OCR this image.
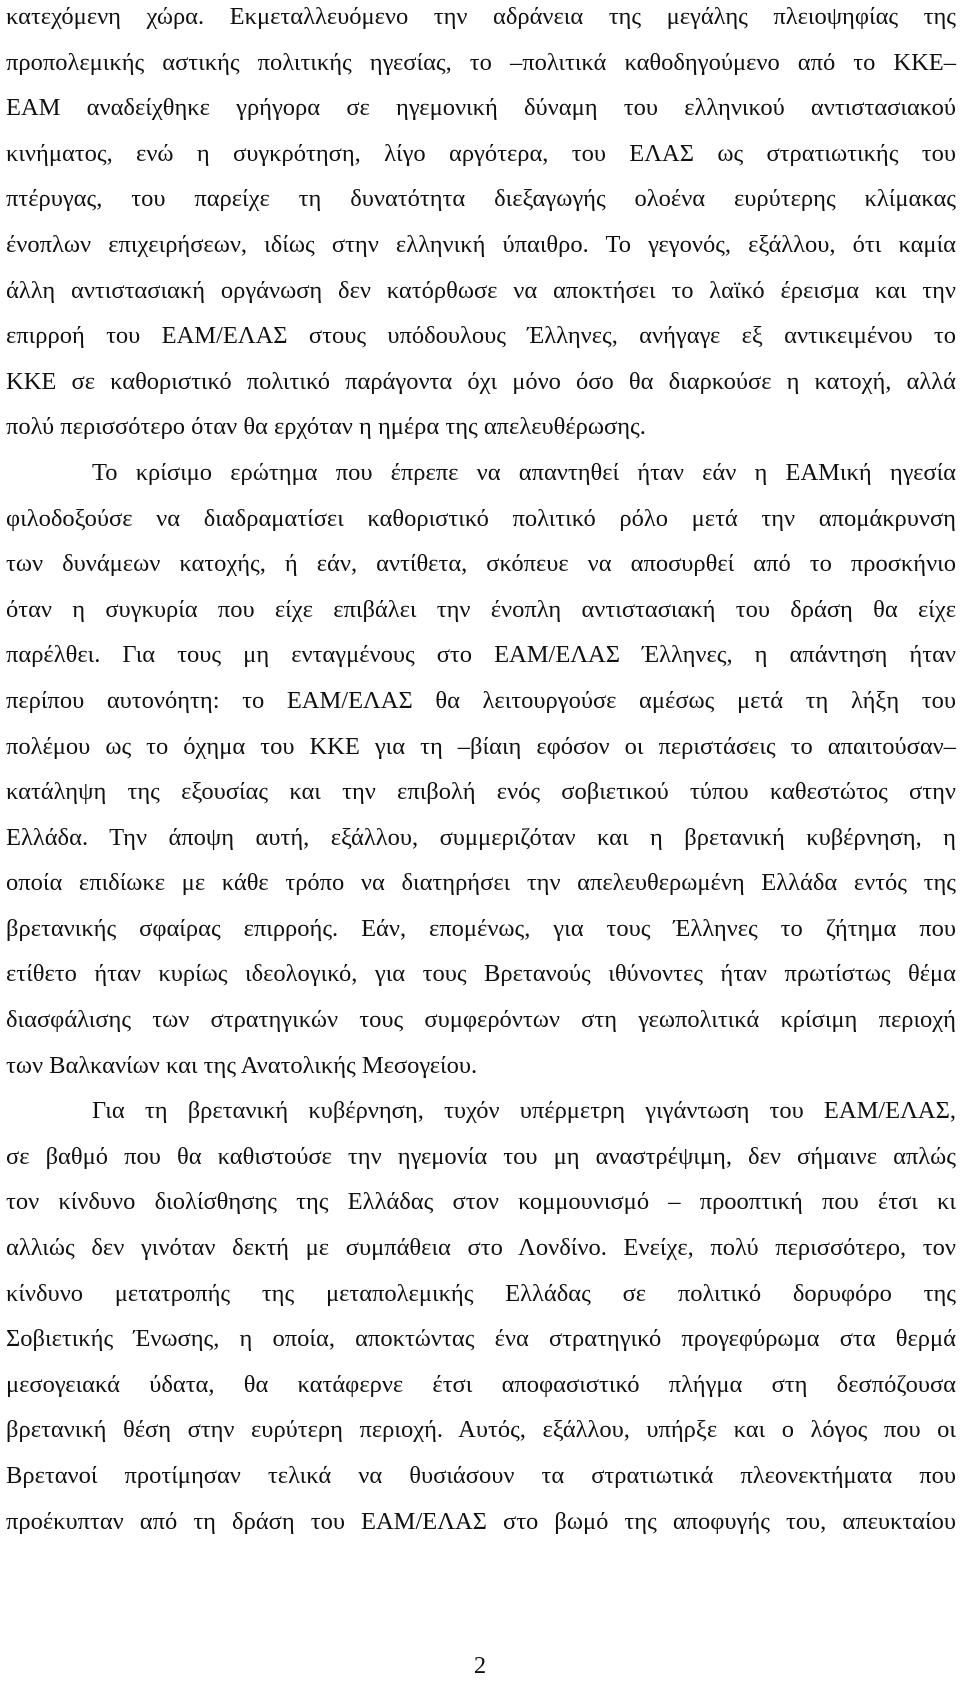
κατεχόμενη χώρα. Εκμεταλλευόμενο την αδράνεια της μεγάλης πλειοψηφίας της
προπολεμικής αστικής πολιτικής ηγεσίας, το –πολιτικά καθοδηγούμενο από το ΚΚΕ–
ΕΑΜ αναδείχθηκε γρήγορα σε ηγεμονική δύναμη του ελληνικού αντιστασιακού
κινήματος, ενώ η συγκρότηση, λίγο αργότερα, του ΕΛΑΣ ως στρατιωτικής του
πτέρυγας, του παρείχε τη δυνατότητα διεξαγωγής ολοένα ευρύτερης κλίμακας
ένοπλων επιχειρήσεων, ιδίως στην ελληνική ύπαιθρο. Το γεγονός, εξάλλου, ότι καμία
άλλη αντιστασιακή οργάνωση δεν κατόρθωσε να αποκτήσει το λαϊκό έρεισμα και την
επιρροή του ΕΑΜ/ΕΛΑΣ στους υπόδουλους Έλληνες, ανήγαγε εξ αντικειμένου το
ΚΚΕ σε καθοριστικό πολιτικό παράγοντα όχι μόνο όσο θα διαρκούσε η κατοχή, αλλά
πολύ περισσότερο όταν θα ερχόταν η ημέρα της απελευθέρωσης.
Το κρίσιμο ερώτημα που έπρεπε να απαντηθεί ήταν εάν η ΕΑΜική ηγεσία
φιλοδοξούσε να διαδραματίσει καθοριστικό πολιτικό ρόλο μετά την απομάκρυνση
των δυνάμεων κατοχής, ή εάν, αντίθετα, σκόπευε να αποσυρθεί από το προσκήνιο
όταν η συγκυρία που είχε επιβάλει την ένοπλη αντιστασιακή του δράση θα είχε
παρέλθει. Για τους μη ενταγμένους στο ΕΑΜ/ΕΛΑΣ Έλληνες, η απάντηση ήταν
περίπου αυτονόητη: το ΕΑΜ/ΕΛΑΣ θα λειτουργούσε αμέσως μετά τη λήξη του
πολέμου ως το όχημα του ΚΚΕ για τη –βίαιη εφόσον οι περιστάσεις το απαιτούσαν–
κατάληψη της εξουσίας και την επιβολή ενός σοβιετικού τύπου καθεστώτος στην
Ελλάδα. Την άποψη αυτή, εξάλλου, συμμεριζόταν και η βρετανική κυβέρνηση, η
οποία επιδίωκε με κάθε τρόπο να διατηρήσει την απελευθερωμένη Ελλάδα εντός της
βρετανικής σφαίρας επιρροής. Εάν, επομένως, για τους Έλληνες το ζήτημα που
ετίθετο ήταν κυρίως ιδεολογικό, για τους Βρετανούς ιθύνοντες ήταν πρωτίστως θέμα
διασφάλισης των στρατηγικών τους συμφερόντων στη γεωπολιτικά κρίσιμη περιοχή
των Βαλκανίων και της Ανατολικής Μεσογείου.
Για τη βρετανική κυβέρνηση, τυχόν υπέρμετρη γιγάντωση του ΕΑΜ/ΕΛΑΣ,
σε βαθμό που θα καθιστούσε την ηγεμονία του μη αναστρέψιμη, δεν σήμαινε απλώς
τον κίνδυνο διολίσθησης της Ελλάδας στον κομμουνισμό – προοπτική που έτσι κι
αλλιώς δεν γινόταν δεκτή με συμπάθεια στο Λονδίνο. Ενείχε, πολύ περισσότερο, τον
κίνδυνο μετατροπής της μεταπολεμικής Ελλάδας σε πολιτικό δορυφόρο της
Σοβιετικής Ένωσης, η οποία, αποκτώντας ένα στρατηγικό προγεφύρωμα στα θερμά
μεσογειακά ύδατα, θα κατάφερνε έτσι αποφασιστικό πλήγμα στη δεσπόζουσα
βρετανική θέση στην ευρύτερη περιοχή. Αυτός, εξάλλου, υπήρξε και ο λόγος που οι
Βρετανοί προτίμησαν τελικά να θυσιάσουν τα στρατιωτικά πλεονεκτήματα που
προέκυπταν από τη δράση του ΕΑΜ/ΕΛΑΣ στο βωμό της αποφυγής του, απευκταίου
2
